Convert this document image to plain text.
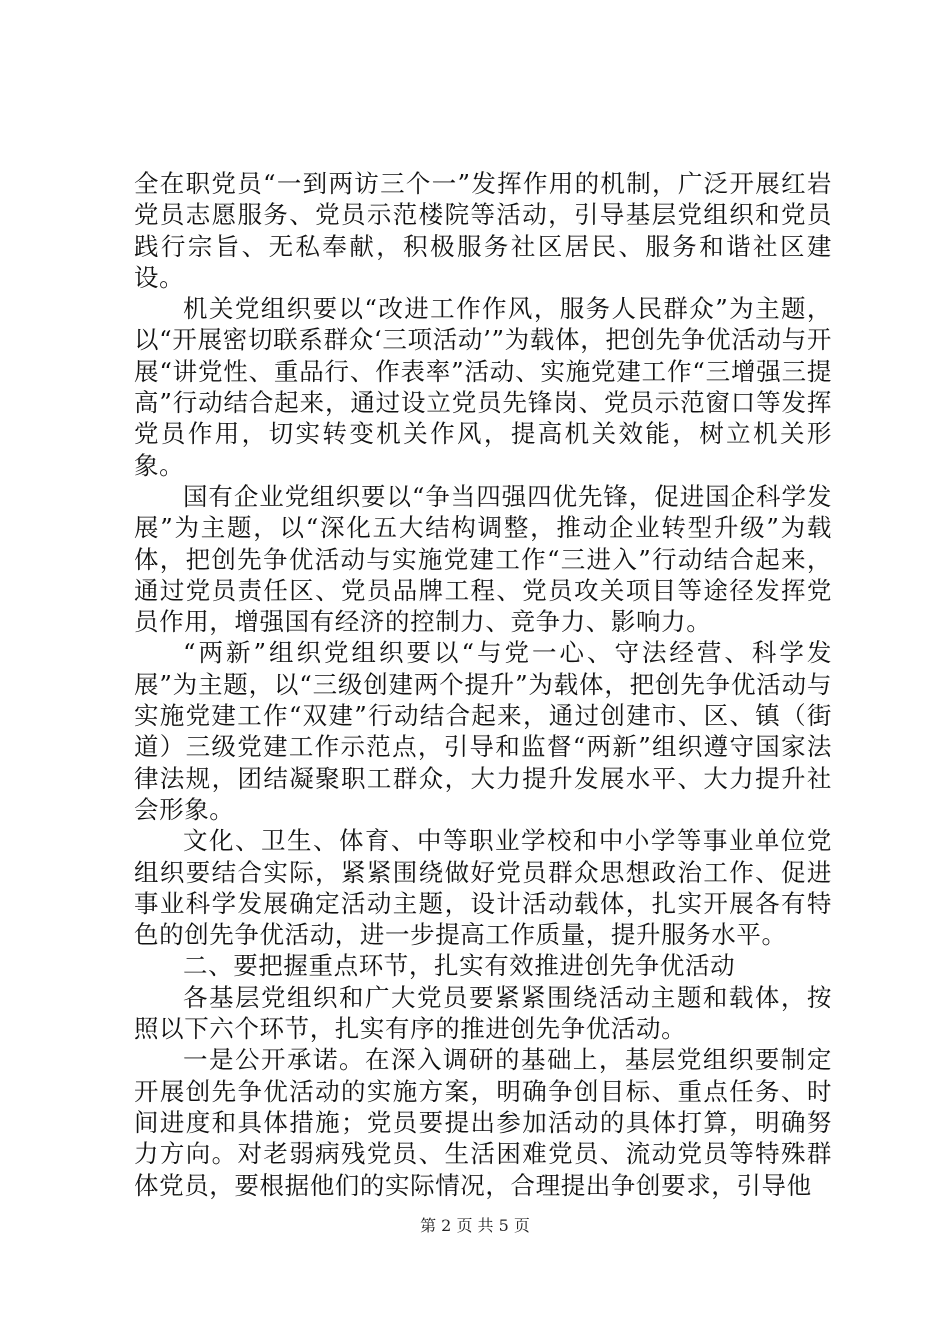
全在职党员“一到两访三个一”发挥作用的机制，广泛开展红岩党员志愿服务、党员示范楼院等活动，引导基层党组织和党员践行宗旨、无私奉献，积极服务社区居民、服务和谐社区建设。

机关党组织要以“改进工作作风，服务人民群众”为主题，以“开展密切联系群众‘三项活动’”为载体，把创先争优活动与开展“讲党性、重品行、作表率”活动、实施党建工作“三增强三提高”行动结合起来，通过设立党员先锋岗、党员示范窗口等发挥党员作用，切实转变机关作风，提高机关效能，树立机关形象。

国有企业党组织要以“争当四强四优先锋，促进国企科学发展”为主题，以“深化五大结构调整，推动企业转型升级”为载体，把创先争优活动与实施党建工作“三进入”行动结合起来，通过党员责任区、党员品牌工程、党员攻关项目等途径发挥党员作用，增强国有经济的控制力、竞争力、影响力。

“两新”组织党组织要以“与党一心、守法经营、科学发展”为主题，以“三级创建两个提升”为载体，把创先争优活动与实施党建工作“双建”行动结合起来，通过创建市、区、镇（街道）三级党建工作示范点，引导和监督“两新”组织遵守国家法律法规，团结凝聚职工群众，大力提升发展水平、大力提升社会形象。

文化、卫生、体育、中等职业学校和中小学等事业单位党组织要结合实际，紧紧围绕做好党员群众思想政治工作、促进事业科学发展确定活动主题，设计活动载体，扎实开展各有特色的创先争优活动，进一步提高工作质量，提升服务水平。

二、要把握重点环节，扎实有效推进创先争优活动

各基层党组织和广大党员要紧紧围绕活动主题和载体，按照以下六个环节，扎实有序的推进创先争优活动。

一是公开承诺。在深入调研的基础上，基层党组织要制定开展创先争优活动的实施方案，明确争创目标、重点任务、时间进度和具体措施；党员要提出参加活动的具体打算，明确努力方向。对老弱病残党员、生活困难党员、流动党员等特殊群体党员，要根据他们的实际情况，合理提出争创要求，引导他

第 2 页 共 5 页
